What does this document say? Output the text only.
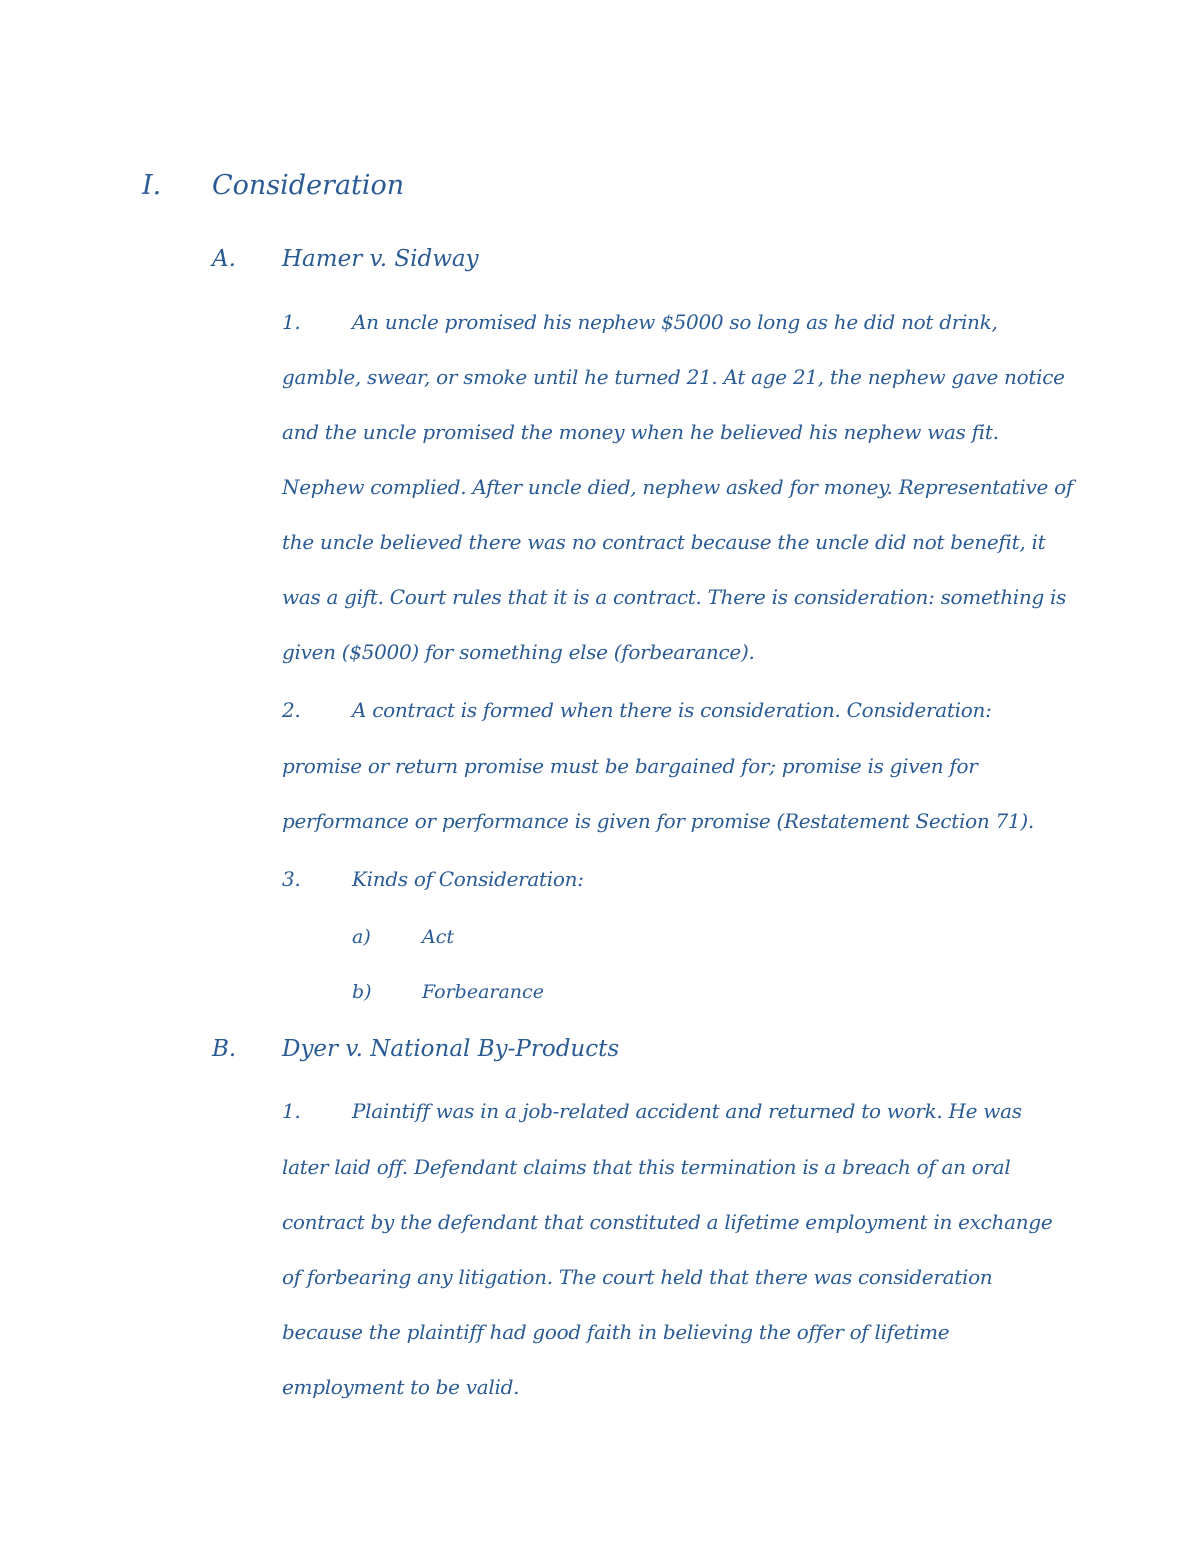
I. Consideration
A. Hamer v. Sidway
1.	An uncle promised his nephew $5000 so long as he did not drink,
gamble, swear, or smoke until he turned 21. At age 21, the nephew gave notice
and the uncle promised the money when he believed his nephew was fit.
Nephew complied. After uncle died, nephew asked for money. Representative of
the uncle believed there was no contract because the uncle did not benefit, it
was a gift. Court rules that it is a contract. There is consideration: something is
given ($5000) for something else (forbearance).
2.	A contract is formed when there is consideration. Consideration:
promise or return promise must be bargained for; promise is given for
performance or performance is given for promise (Restatement Section 71).
3.	Kinds of Consideration:
a)	Act
b)	Forbearance
B. Dyer v. National By-Products
1.	Plaintiff was in a job-related accident and returned to work. He was
later laid off. Defendant claims that this termination is a breach of an oral
contract by the defendant that constituted a lifetime employment in exchange
of forbearing any litigation. The court held that there was consideration
because the plaintiff had good faith in believing the offer of lifetime
employment to be valid.
